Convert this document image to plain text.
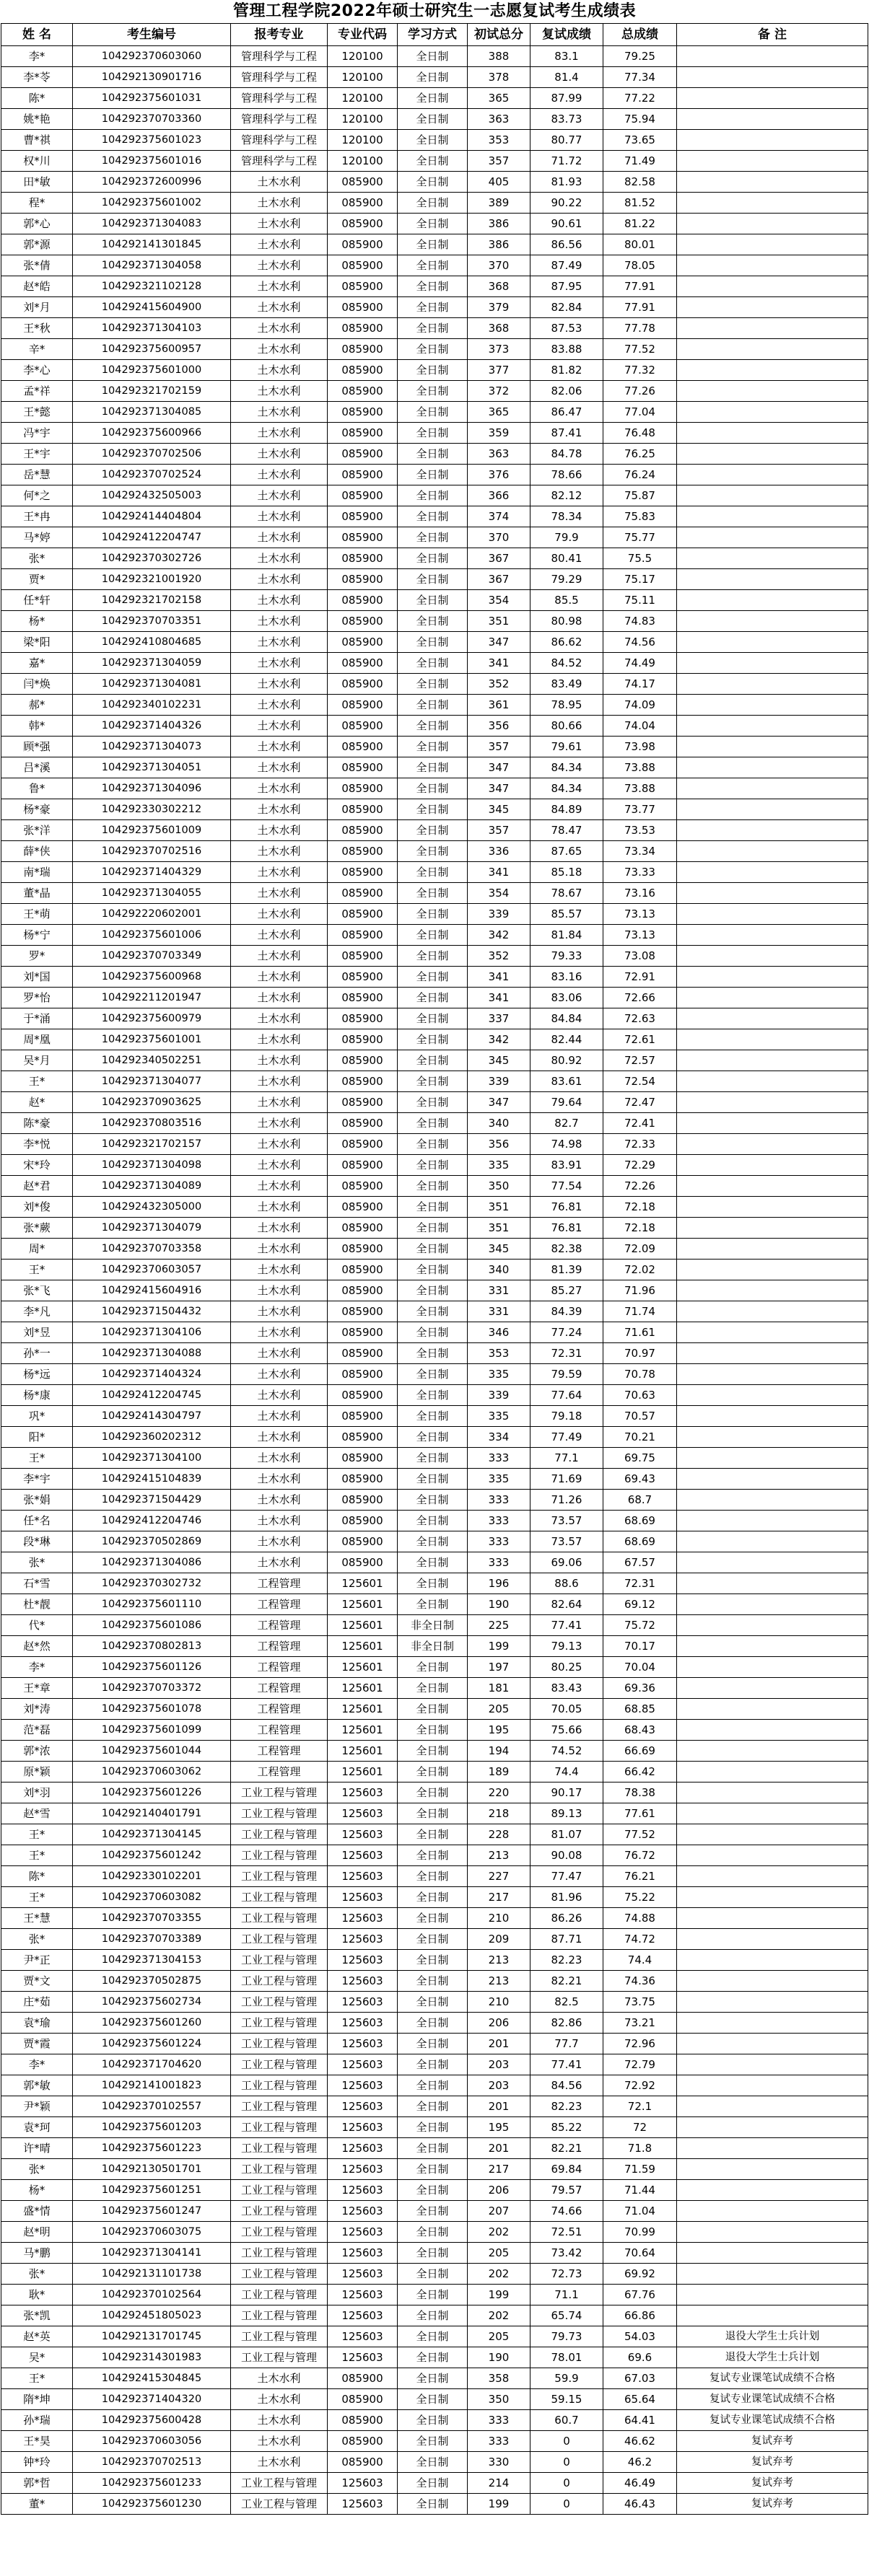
管理工程学院2022年硕士研究生一志愿复试考生成绩表
姓 名	考生编号	报考专业	专业代码	学习方式	初试总分	复试成绩	总成绩	备 注
李*	104292370603060	管理科学与工程	120100	全日制	388	83.1	79.25	
李*苓	104292130901716	管理科学与工程	120100	全日制	378	81.4	77.34	
陈*	104292375601031	管理科学与工程	120100	全日制	365	87.99	77.22	
姚*艳	104292370703360	管理科学与工程	120100	全日制	363	83.73	75.94	
曹*祺	104292375601023	管理科学与工程	120100	全日制	353	80.77	73.65	
权*川	104292375601016	管理科学与工程	120100	全日制	357	71.72	71.49	
田*敏	104292372600996	土木水利	085900	全日制	405	81.93	82.58	
程*	104292375601002	土木水利	085900	全日制	389	90.22	81.52	
郭*心	104292371304083	土木水利	085900	全日制	386	90.61	81.22	
郭*源	104292141301845	土木水利	085900	全日制	386	86.56	80.01	
张*倩	104292371304058	土木水利	085900	全日制	370	87.49	78.05	
赵*皓	104292321102128	土木水利	085900	全日制	368	87.95	77.91	
刘*月	104292415604900	土木水利	085900	全日制	379	82.84	77.91	
王*秋	104292371304103	土木水利	085900	全日制	368	87.53	77.78	
辛*	104292375600957	土木水利	085900	全日制	373	83.88	77.52	
李*心	104292375601000	土木水利	085900	全日制	377	81.82	77.32	
孟*祥	104292321702159	土木水利	085900	全日制	372	82.06	77.26	
王*懿	104292371304085	土木水利	085900	全日制	365	86.47	77.04	
冯*宇	104292375600966	土木水利	085900	全日制	359	87.41	76.48	
王*宇	104292370702506	土木水利	085900	全日制	363	84.78	76.25	
岳*慧	104292370702524	土木水利	085900	全日制	376	78.66	76.24	
何*之	104292432505003	土木水利	085900	全日制	366	82.12	75.87	
王*冉	104292414404804	土木水利	085900	全日制	374	78.34	75.83	
马*婷	104292412204747	土木水利	085900	全日制	370	79.9	75.77	
张*	104292370302726	土木水利	085900	全日制	367	80.41	75.5	
贾*	104292321001920	土木水利	085900	全日制	367	79.29	75.17	
任*轩	104292321702158	土木水利	085900	全日制	354	85.5	75.11	
杨*	104292370703351	土木水利	085900	全日制	351	80.98	74.83	
梁*阳	104292410804685	土木水利	085900	全日制	347	86.62	74.56	
嘉*	104292371304059	土木水利	085900	全日制	341	84.52	74.49	
闫*焕	104292371304081	土木水利	085900	全日制	352	83.49	74.17	
郝*	104292340102231	土木水利	085900	全日制	361	78.95	74.09	
韩*	104292371404326	土木水利	085900	全日制	356	80.66	74.04	
顾*强	104292371304073	土木水利	085900	全日制	357	79.61	73.98	
吕*溪	104292371304051	土木水利	085900	全日制	347	84.34	73.88	
鲁*	104292371304096	土木水利	085900	全日制	347	84.34	73.88	
杨*豪	104292330302212	土木水利	085900	全日制	345	84.89	73.77	
张*洋	104292375601009	土木水利	085900	全日制	357	78.47	73.53	
薛*侠	104292370702516	土木水利	085900	全日制	336	87.65	73.34	
南*瑞	104292371404329	土木水利	085900	全日制	341	85.18	73.33	
董*晶	104292371304055	土木水利	085900	全日制	354	78.67	73.16	
王*萌	104292220602001	土木水利	085900	全日制	339	85.57	73.13	
杨*宁	104292375601006	土木水利	085900	全日制	342	81.84	73.13	
罗*	104292370703349	土木水利	085900	全日制	352	79.33	73.08	
刘*国	104292375600968	土木水利	085900	全日制	341	83.16	72.91	
罗*怡	104292211201947	土木水利	085900	全日制	341	83.06	72.66	
于*涌	104292375600979	土木水利	085900	全日制	337	84.84	72.63	
周*凰	104292375601001	土木水利	085900	全日制	342	82.44	72.61	
吴*月	104292340502251	土木水利	085900	全日制	345	80.92	72.57	
王*	104292371304077	土木水利	085900	全日制	339	83.61	72.54	
赵*	104292370903625	土木水利	085900	全日制	347	79.64	72.47	
陈*豪	104292370803516	土木水利	085900	全日制	340	82.7	72.41	
李*悦	104292321702157	土木水利	085900	全日制	356	74.98	72.33	
宋*玲	104292371304098	土木水利	085900	全日制	335	83.91	72.29	
赵*君	104292371304089	土木水利	085900	全日制	350	77.54	72.26	
刘*俊	104292432305000	土木水利	085900	全日制	351	76.81	72.18	
张*蕨	104292371304079	土木水利	085900	全日制	351	76.81	72.18	
周*	104292370703358	土木水利	085900	全日制	345	82.38	72.09	
王*	104292370603057	土木水利	085900	全日制	340	81.39	72.02	
张*飞	104292415604916	土木水利	085900	全日制	331	85.27	71.96	
李*凡	104292371504432	土木水利	085900	全日制	331	84.39	71.74	
刘*昱	104292371304106	土木水利	085900	全日制	346	77.24	71.61	
孙*一	104292371304088	土木水利	085900	全日制	353	72.31	70.97	
杨*远	104292371404324	土木水利	085900	全日制	335	79.59	70.78	
杨*康	104292412204745	土木水利	085900	全日制	339	77.64	70.63	
巩*	104292414304797	土木水利	085900	全日制	335	79.18	70.57	
阳*	104292360202312	土木水利	085900	全日制	334	77.49	70.21	
王*	104292371304100	土木水利	085900	全日制	333	77.1	69.75	
李*宇	104292415104839	土木水利	085900	全日制	335	71.69	69.43	
张*娟	104292371504429	土木水利	085900	全日制	333	71.26	68.7	
任*名	104292412204746	土木水利	085900	全日制	333	73.57	68.69	
段*琳	104292370502869	土木水利	085900	全日制	333	73.57	68.69	
张*	104292371304086	土木水利	085900	全日制	333	69.06	67.57	
石*雪	104292370302732	工程管理	125601	全日制	196	88.6	72.31	
杜*靓	104292375601110	工程管理	125601	全日制	190	82.64	69.12	
代*	104292375601086	工程管理	125601	非全日制	225	77.41	75.72	
赵*然	104292370802813	工程管理	125601	非全日制	199	79.13	70.17	
李*	104292375601126	工程管理	125601	全日制	197	80.25	70.04	
王*章	104292370703372	工程管理	125601	全日制	181	83.43	69.36	
刘*涛	104292375601078	工程管理	125601	全日制	205	70.05	68.85	
范*磊	104292375601099	工程管理	125601	全日制	195	75.66	68.43	
郭*浓	104292375601044	工程管理	125601	全日制	194	74.52	66.69	
原*颖	104292370603062	工程管理	125601	全日制	189	74.4	66.42	
刘*羽	104292375601226	工业工程与管理	125603	全日制	220	90.17	78.38	
赵*雪	104292140401791	工业工程与管理	125603	全日制	218	89.13	77.61	
王*	104292371304145	工业工程与管理	125603	全日制	228	81.07	77.52	
王*	104292375601242	工业工程与管理	125603	全日制	213	90.08	76.72	
陈*	104292330102201	工业工程与管理	125603	全日制	227	77.47	76.21	
王*	104292370603082	工业工程与管理	125603	全日制	217	81.96	75.22	
王*慧	104292370703355	工业工程与管理	125603	全日制	210	86.26	74.88	
张*	104292370703389	工业工程与管理	125603	全日制	209	87.71	74.72	
尹*正	104292371304153	工业工程与管理	125603	全日制	213	82.23	74.4	
贾*文	104292370502875	工业工程与管理	125603	全日制	213	82.21	74.36	
庄*茹	104292375602734	工业工程与管理	125603	全日制	210	82.5	73.75	
袁*瑜	104292375601260	工业工程与管理	125603	全日制	206	82.86	73.21	
贾*霞	104292375601224	工业工程与管理	125603	全日制	201	77.7	72.96	
李*	104292371704620	工业工程与管理	125603	全日制	203	77.41	72.79	
郭*敏	104292141001823	工业工程与管理	125603	全日制	203	84.56	72.92	
尹*颖	104292370102557	工业工程与管理	125603	全日制	201	82.23	72.1	
袁*珂	104292375601203	工业工程与管理	125603	全日制	195	85.22	72	
许*晴	104292375601223	工业工程与管理	125603	全日制	201	82.21	71.8	
张*	104292130501701	工业工程与管理	125603	全日制	217	69.84	71.59	
杨*	104292375601251	工业工程与管理	125603	全日制	206	79.57	71.44	
盛*情	104292375601247	工业工程与管理	125603	全日制	207	74.66	71.04	
赵*明	104292370603075	工业工程与管理	125603	全日制	202	72.51	70.99	
马*鹏	104292371304141	工业工程与管理	125603	全日制	205	73.42	70.64	
张*	104292131101738	工业工程与管理	125603	全日制	202	72.73	69.92	
耿*	104292370102564	工业工程与管理	125603	全日制	199	71.1	67.76	
张*凯	104292451805023	工业工程与管理	125603	全日制	202	65.74	66.86	
赵*英	104292131701745	工业工程与管理	125603	全日制	205	79.73	54.03	退役大学生士兵计划
吴*	104292314301983	工业工程与管理	125603	全日制	190	78.01	69.6	退役大学生士兵计划
王*	104292415304845	土木水利	085900	全日制	358	59.9	67.03	复试专业课笔试成绩不合格
隋*坤	104292371404320	土木水利	085900	全日制	350	59.15	65.64	复试专业课笔试成绩不合格
孙*瑞	104292375600428	土木水利	085900	全日制	333	60.7	64.41	复试专业课笔试成绩不合格
王*昊	104292370603056	土木水利	085900	全日制	333	0	46.62	复试弃考
钟*玲	104292370702513	土木水利	085900	全日制	330	0	46.2	复试弃考
郭*哲	104292375601233	工业工程与管理	125603	全日制	214	0	46.49	复试弃考
董*	104292375601230	工业工程与管理	125603	全日制	199	0	46.43	复试弃考
